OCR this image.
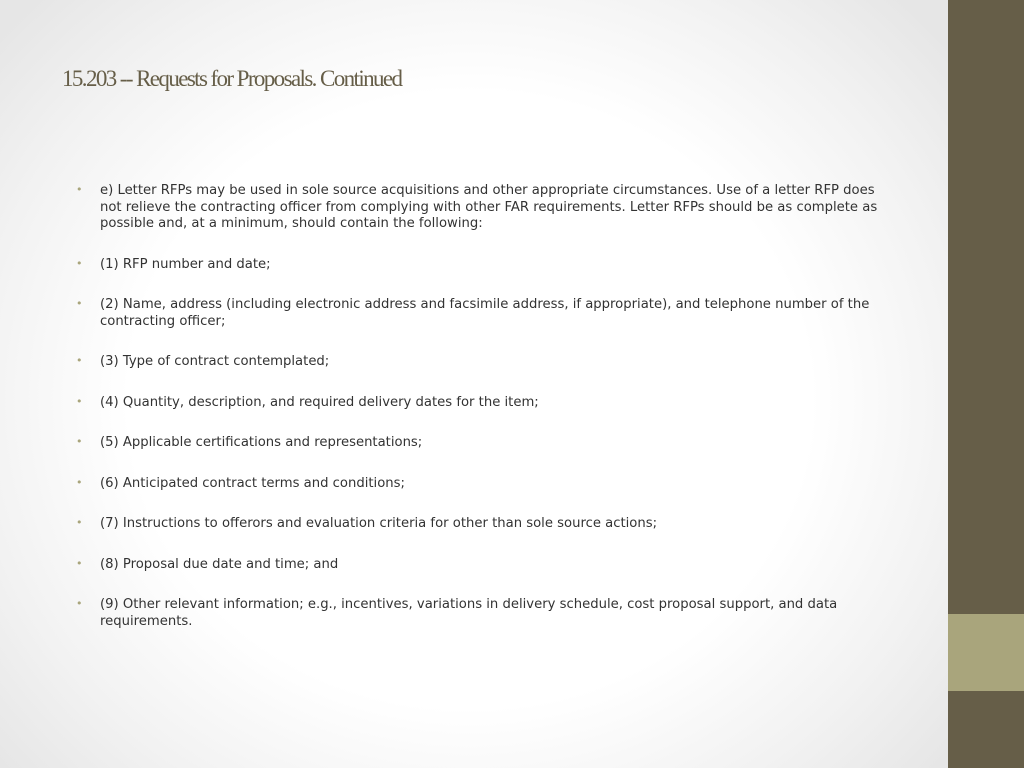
15.203 -- Requests for Proposals. Continued
• e) Letter RFPs may be used in sole source acquisitions and other appropriate circumstances. Use of a letter RFP does not relieve the contracting officer from complying with other FAR requirements. Letter RFPs should be as complete as possible and, at a minimum, should contain the following:
• (1) RFP number and date;
• (2) Name, address (including electronic address and facsimile address, if appropriate), and telephone number of the contracting officer;
• (3) Type of contract contemplated;
• (4) Quantity, description, and required delivery dates for the item;
• (5) Applicable certifications and representations;
• (6) Anticipated contract terms and conditions;
• (7) Instructions to offerors and evaluation criteria for other than sole source actions;
• (8) Proposal due date and time; and
• (9) Other relevant information; e.g., incentives, variations in delivery schedule, cost proposal support, and data requirements.
